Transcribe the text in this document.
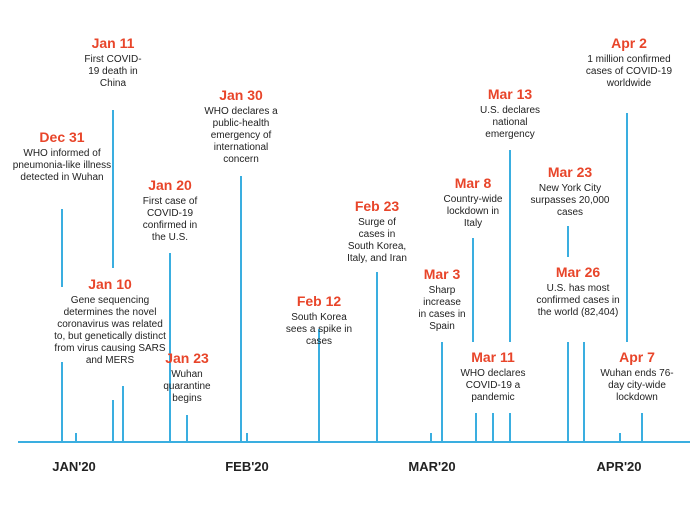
JAN'20	FEB'20	MAR'20	APR'20
Dec 31
WHO informed of pneumonia-like illness detected in Wuhan
Jan 11
First COVID-19 death in China
Jan 10
Gene sequencing determines the novel coronavirus was related to, but genetically distinct from virus causing SARS and MERS
Jan 20
First case of COVID-19 confirmed in the U.S.
Jan 23
Wuhan quarantine begins
Jan 30
WHO declares a public-health emergency of international concern
Feb 12
South Korea sees a spike in cases
Feb 23
Surge of cases in South Korea, Italy, and Iran
Mar 3
Sharp increase in cases in Spain
Mar 8
Country-wide lockdown in Italy
Mar 11
WHO declares COVID-19 a pandemic
Mar 13
U.S. declares national emergency
Mar 23
New York City surpasses 20,000 cases
Mar 26
U.S. has most confirmed cases in the world (82,404)
Apr 2
1 million confirmed cases of COVID-19 worldwide
Apr 7
Wuhan ends 76-day city-wide lockdown
